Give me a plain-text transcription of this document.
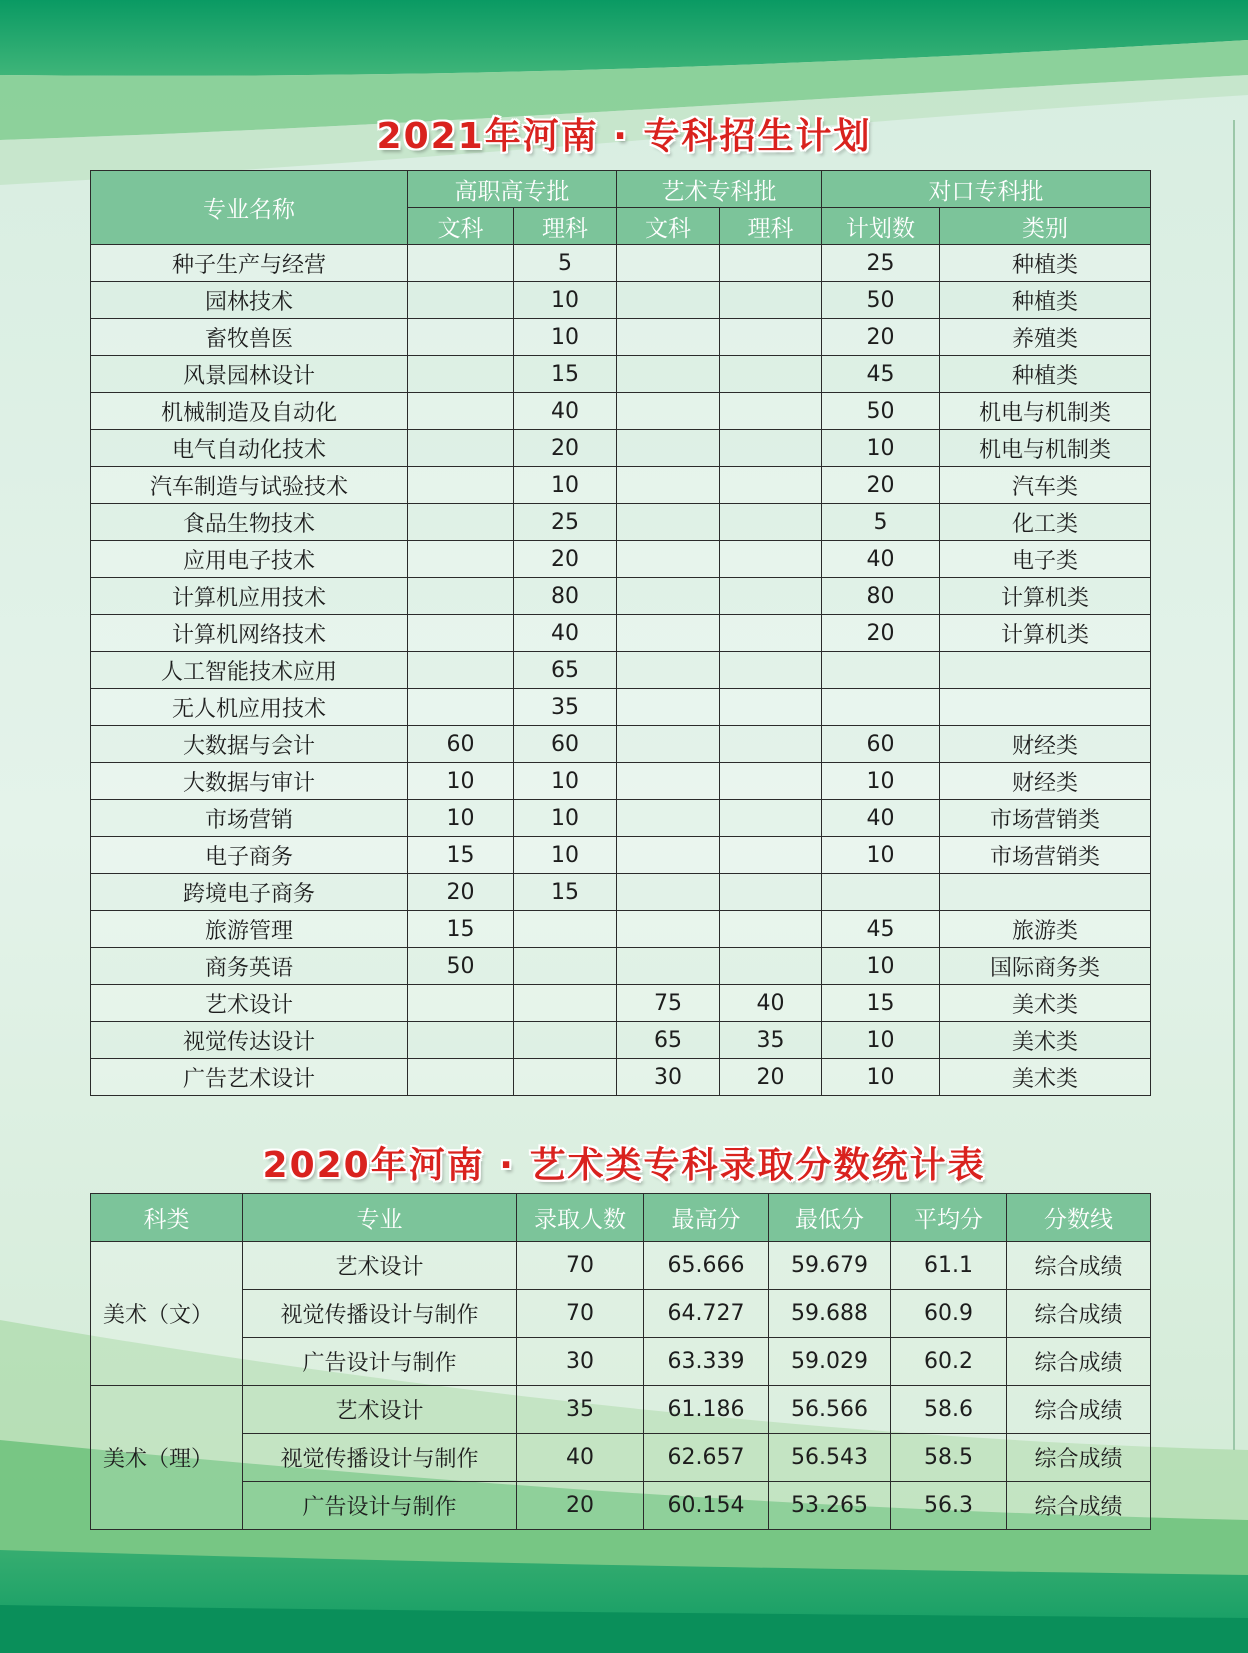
2021年河南 · 专科招生计划
专业名称	高职高专批		艺术专科批		对口专科批	
	文科	理科	文科	理科	计划数	类别
种子生产与经营		5			25	种植类
园林技术		10			50	种植类
畜牧兽医		10			20	养殖类
风景园林设计		15			45	种植类
机械制造及自动化		40			50	机电与机制类
电气自动化技术		20			10	机电与机制类
汽车制造与试验技术		10			20	汽车类
食品生物技术		25			5	化工类
应用电子技术		20			40	电子类
计算机应用技术		80			80	计算机类
计算机网络技术		40			20	计算机类
人工智能技术应用		65				
无人机应用技术		35				
大数据与会计	60	60			60	财经类
大数据与审计	10	10			10	财经类
市场营销	10	10			40	市场营销类
电子商务	15	10			10	市场营销类
跨境电子商务	20	15				
旅游管理	15				45	旅游类
商务英语	50				10	国际商务类
艺术设计			75	40	15	美术类
视觉传达设计			65	35	10	美术类
广告艺术设计			30	20	10	美术类
2020年河南 · 艺术类专科录取分数统计表
科类	专业	录取人数	最高分	最低分	平均分	分数线
美术（文）	艺术设计	70	65.666	59.679	61.1	综合成绩
	视觉传播设计与制作	70	64.727	59.688	60.9	综合成绩
	广告设计与制作	30	63.339	59.029	60.2	综合成绩
美术（理）	艺术设计	35	61.186	56.566	58.6	综合成绩
	视觉传播设计与制作	40	62.657	56.543	58.5	综合成绩
	广告设计与制作	20	60.154	53.265	56.3	综合成绩
